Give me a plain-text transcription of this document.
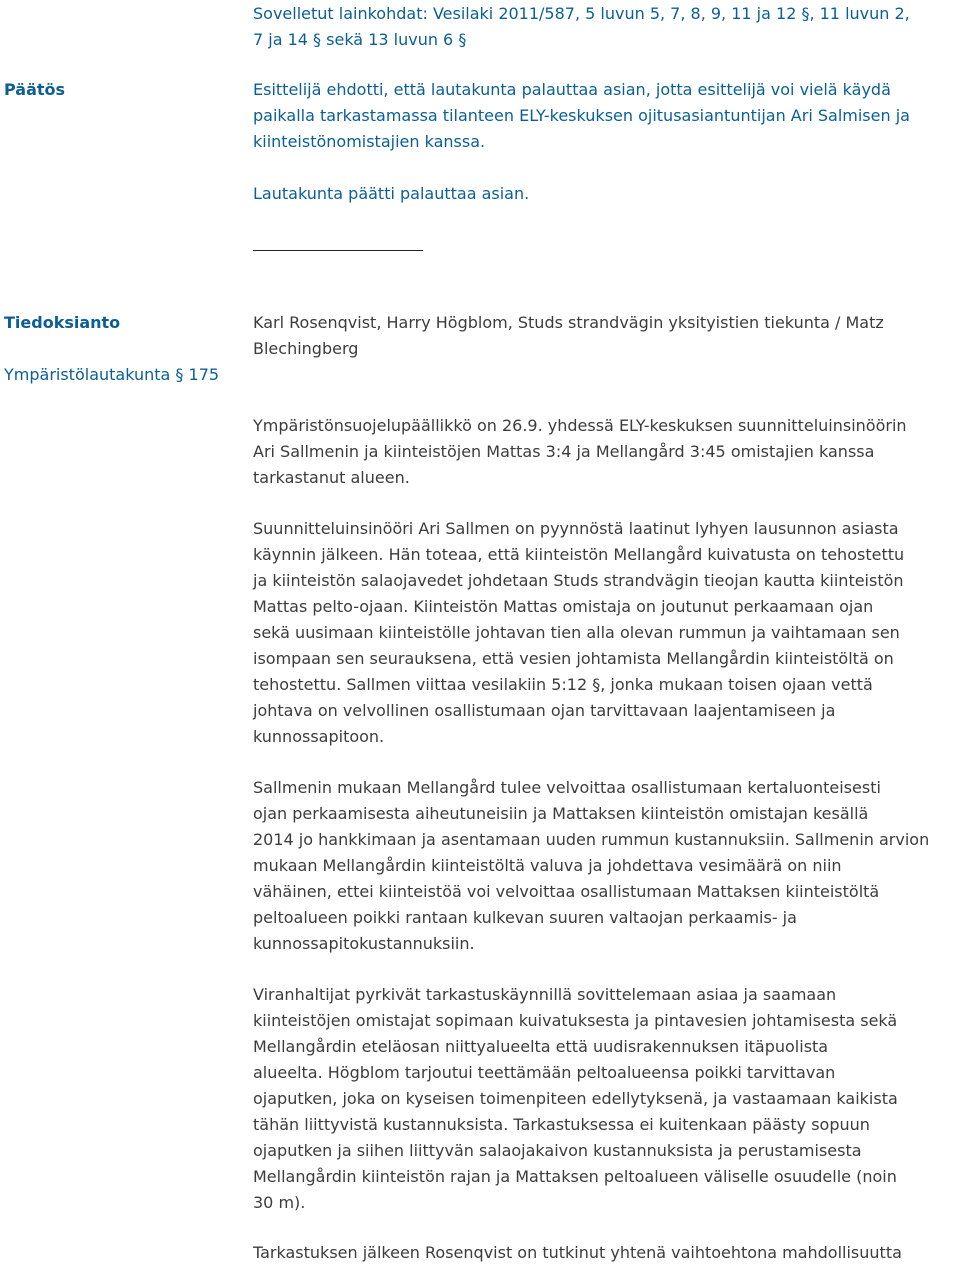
Sovelletut lainkohdat: Vesilaki 2011/587, 5 luvun 5, 7, 8, 9, 11 ja 12 §, 11 luvun 2,
7 ja 14 § sekä 13 luvun 6 §
Päätös	Esittelijä ehdotti, että lautakunta palauttaa asian, jotta esittelijä voi vielä käydä
paikalla tarkastamassa tilanteen ELY-keskuksen ojitusasiantuntijan Ari Salmisen ja
kiinteistönomistajien kanssa.
Lautakunta päätti palauttaa asian.
Tiedoksianto	Karl Rosenqvist, Harry Högblom, Studs strandvägin yksityistien tiekunta / Matz
Blechingberg
Ympäristölautakunta § 175
Ympäristönsuojelupäällikkö on 26.9. yhdessä ELY-keskuksen suunnitteluinsinöörin
Ari Sallmenin ja kiinteistöjen Mattas 3:4 ja Mellangård 3:45 omistajien kanssa
tarkastanut alueen.
Suunnitteluinsinööri Ari Sallmen on pyynnöstä laatinut lyhyen lausunnon asiasta
käynnin jälkeen. Hän toteaa, että kiinteistön Mellangård kuivatusta on tehostettu
ja kiinteistön salaojavedet johdetaan Studs strandvägin tieojan kautta kiinteistön
Mattas pelto-ojaan. Kiinteistön Mattas omistaja on joutunut perkaamaan ojan
sekä uusimaan kiinteistölle johtavan tien alla olevan rummun ja vaihtamaan sen
isompaan sen seurauksena, että vesien johtamista Mellangårdin kiinteistöltä on
tehostettu. Sallmen viittaa vesilakiin 5:12 §, jonka mukaan toisen ojaan vettä
johtava on velvollinen osallistumaan ojan tarvittavaan laajentamiseen ja
kunnossapitoon.
Sallmenin mukaan Mellangård tulee velvoittaa osallistumaan kertaluonteisesti
ojan perkaamisesta aiheutuneisiin ja Mattaksen kiinteistön omistajan kesällä
2014 jo hankkimaan ja asentamaan uuden rummun kustannuksiin. Sallmenin arvion
mukaan Mellangårdin kiinteistöltä valuva ja johdettava vesimäärä on niin
vähäinen, ettei kiinteistöä voi velvoittaa osallistumaan Mattaksen kiinteistöltä
peltoalueen poikki rantaan kulkevan suuren valtaojan perkaamis- ja
kunnossapitokustannuksiin.
Viranhaltijat pyrkivät tarkastuskäynnillä sovittelemaan asiaa ja saamaan
kiinteistöjen omistajat sopimaan kuivatuksesta ja pintavesien johtamisesta sekä
Mellangårdin eteläosan niittyalueelta että uudisrakennuksen itäpuolista
alueelta. Högblom tarjoutui teettämään peltoalueensa poikki tarvittavan
ojaputken, joka on kyseisen toimenpiteen edellytyksenä, ja vastaamaan kaikista
tähän liittyvistä kustannuksista. Tarkastuksessa ei kuitenkaan päästy sopuun
ojaputken ja siihen liittyvän salaojakaivon kustannuksista ja perustamisesta
Mellangårdin kiinteistön rajan ja Mattaksen peltoalueen väliselle osuudelle (noin
30 m).
Tarkastuksen jälkeen Rosenqvist on tutkinut yhtenä vaihtoehtona mahdollisuutta
